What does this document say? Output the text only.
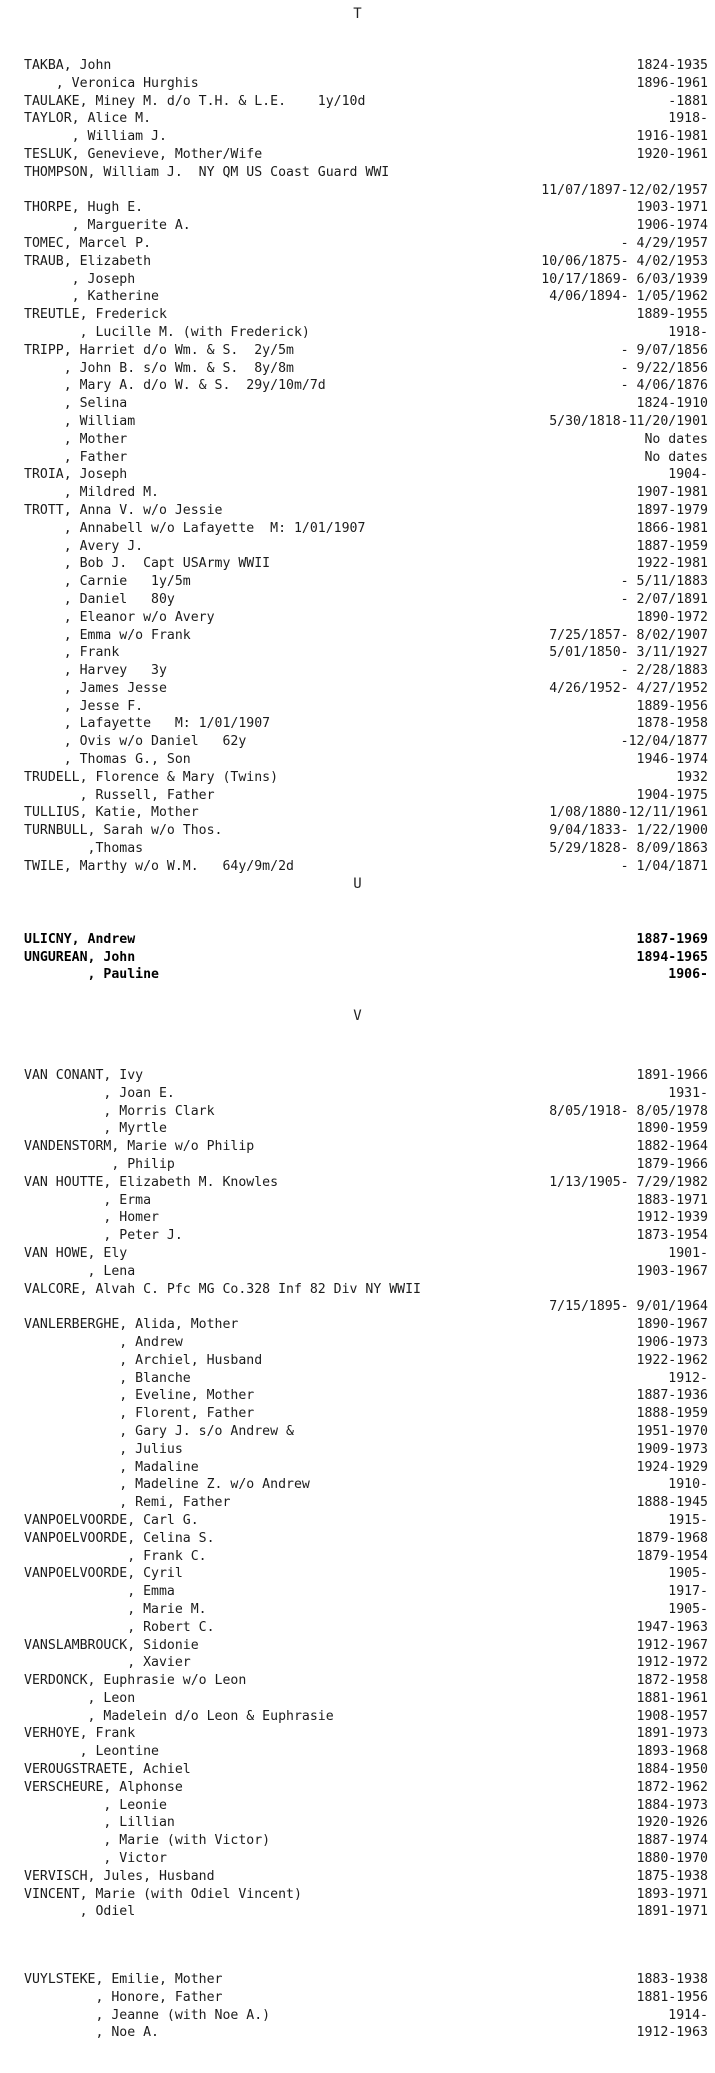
T
TAKBA, John	1824-1935
, Veronica Hurghis	1896-1961
TAULAKE, Miney M. d/o T.H. & L.E.    1y/10d	-1881
TAYLOR, Alice M.	1918-
, William J.	1916-1981
TESLUK, Genevieve, Mother/Wife	1920-1961
THOMPSON, William J.  NY QM US Coast Guard WWI
11/07/1897-12/02/1957
THORPE, Hugh E.	1903-1971
, Marguerite A.	1906-1974
TOMEC, Marcel P.	- 4/29/1957
TRAUB, Elizabeth	10/06/1875- 4/02/1953
, Joseph	10/17/1869- 6/03/1939
, Katherine	4/06/1894- 1/05/1962
TREUTLE, Frederick	1889-1955
, Lucille M. (with Frederick)	1918-
TRIPP, Harriet d/o Wm. & S.  2y/5m	- 9/07/1856
, John B. s/o Wm. & S.  8y/8m	- 9/22/1856
, Mary A. d/o W. & S.  29y/10m/7d	- 4/06/1876
, Selina	1824-1910
, William	5/30/1818-11/20/1901
, Mother	No dates
, Father	No dates
TROIA, Joseph	1904-
, Mildred M.	1907-1981
TROTT, Anna V. w/o Jessie	1897-1979
, Annabell w/o Lafayette  M: 1/01/1907	1866-1981
, Avery J.	1887-1959
, Bob J.  Capt USArmy WWII	1922-1981
, Carnie   1y/5m	- 5/11/1883
, Daniel   80y	- 2/07/1891
, Eleanor w/o Avery	1890-1972
, Emma w/o Frank	7/25/1857- 8/02/1907
, Frank	5/01/1850- 3/11/1927
, Harvey   3y	- 2/28/1883
, James Jesse	4/26/1952- 4/27/1952
, Jesse F.	1889-1956
, Lafayette   M: 1/01/1907	1878-1958
, Ovis w/o Daniel   62y	-12/04/1877
, Thomas G., Son	1946-1974
TRUDELL, Florence & Mary (Twins)	1932
, Russell, Father	1904-1975
TULLIUS, Katie, Mother	1/08/1880-12/11/1961
TURNBULL, Sarah w/o Thos.	9/04/1833- 1/22/1900
,Thomas	5/29/1828- 8/09/1863
TWILE, Marthy w/o W.M.   64y/9m/2d	- 1/04/1871
U
ULICNY, Andrew	1887-1969
UNGUREAN, John	1894-1965
, Pauline	1906-
V
VAN CONANT, Ivy	1891-1966
, Joan E.	1931-
, Morris Clark	8/05/1918- 8/05/1978
, Myrtle	1890-1959
VANDENSTORM, Marie w/o Philip	1882-1964
, Philip	1879-1966
VAN HOUTTE, Elizabeth M. Knowles	1/13/1905- 7/29/1982
, Erma	1883-1971
, Homer	1912-1939
, Peter J.	1873-1954
VAN HOWE, Ely	1901-
, Lena	1903-1967
VALCORE, Alvah C. Pfc MG Co.328 Inf 82 Div NY WWII
7/15/1895- 9/01/1964
VANLERBERGHE, Alida, Mother	1890-1967
, Andrew	1906-1973
, Archiel, Husband	1922-1962
, Blanche	1912-
, Eveline, Mother	1887-1936
, Florent, Father	1888-1959
, Gary J. s/o Andrew &	1951-1970
, Julius	1909-1973
, Madaline	1924-1929
, Madeline Z. w/o Andrew	1910-
, Remi, Father	1888-1945
VANPOELVOORDE, Carl G.	1915-
VANPOELVOORDE, Celina S.	1879-1968
, Frank C.	1879-1954
VANPOELVOORDE, Cyril	1905-
, Emma	1917-
, Marie M.	1905-
, Robert C.	1947-1963
VANSLAMBROUCK, Sidonie	1912-1967
, Xavier	1912-1972
VERDONCK, Euphrasie w/o Leon	1872-1958
, Leon	1881-1961
, Madelein d/o Leon & Euphrasie	1908-1957
VERHOYE, Frank	1891-1973
, Leontine	1893-1968
VEROUGSTRAETE, Achiel	1884-1950
VERSCHEURE, Alphonse	1872-1962
, Leonie	1884-1973
, Lillian	1920-1926
, Marie (with Victor)	1887-1974
, Victor	1880-1970
VERVISCH, Jules, Husband	1875-1938
VINCENT, Marie (with Odiel Vincent)	1893-1971
, Odiel	1891-1971
VUYLSTEKE, Emilie, Mother	1883-1938
, Honore, Father	1881-1956
, Jeanne (with Noe A.)	1914-
, Noe A.	1912-1963
